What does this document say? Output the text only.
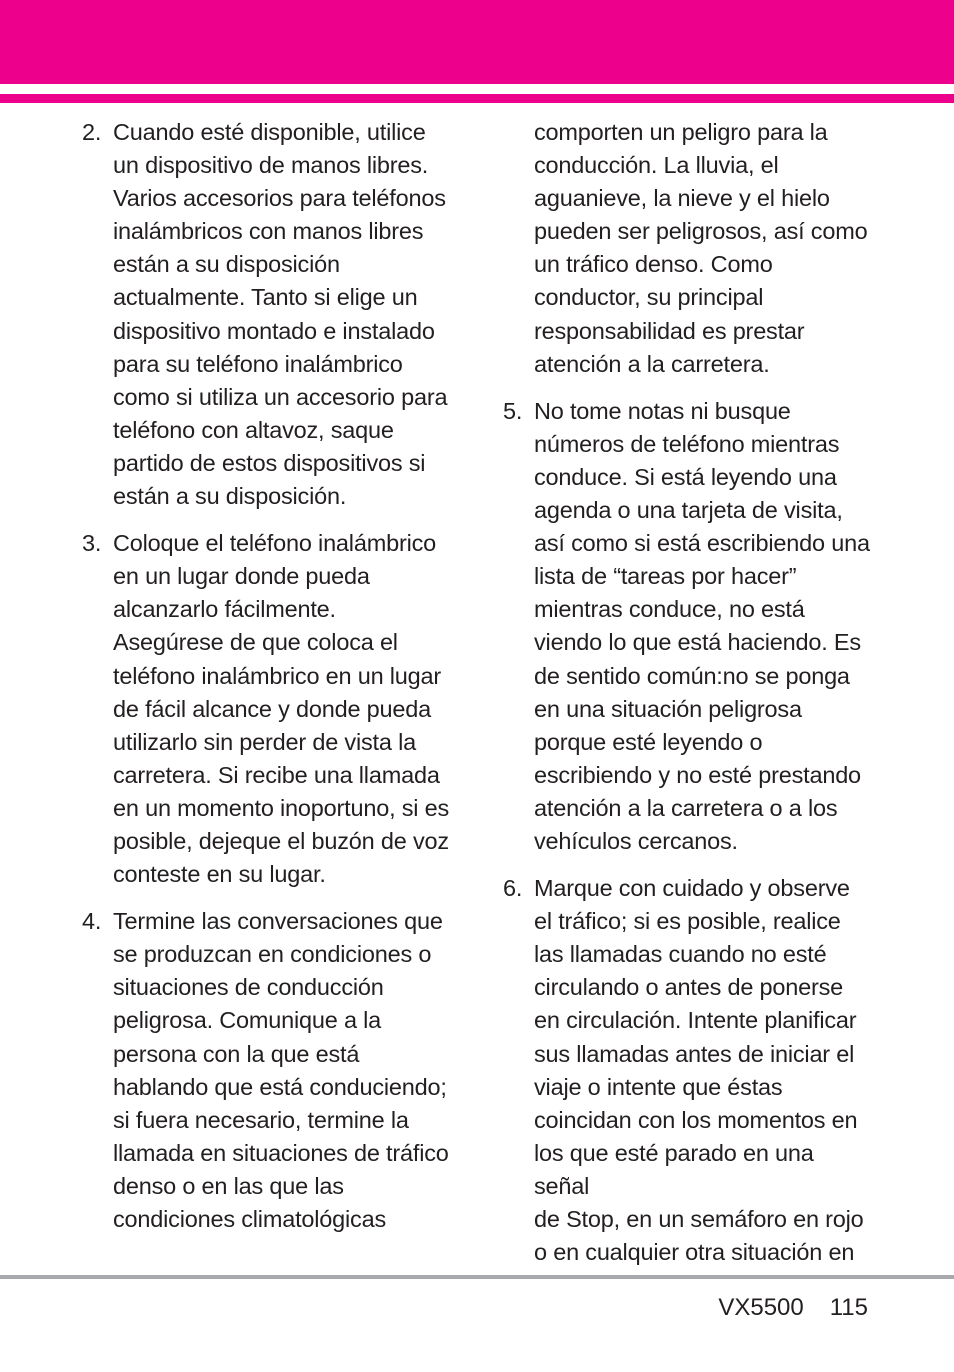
2. Cuando esté disponible, utilice
un dispositivo de manos libres.
Varios accesorios para teléfonos
inalámbricos con manos libres
están a su disposición
actualmente. Tanto si elige un
dispositivo montado e instalado
para su teléfono inalámbrico
como si utiliza un accesorio para
teléfono con altavoz, saque
partido de estos dispositivos si
están a su disposición.
3. Coloque el teléfono inalámbrico
en un lugar donde pueda
alcanzarlo fácilmente.
Asegúrese de que coloca el
teléfono inalámbrico en un lugar
de fácil alcance y donde pueda
utilizarlo sin perder de vista la
carretera. Si recibe una llamada
en un momento inoportuno, si es
posible, dejeque el buzón de voz
conteste en su lugar.
4. Termine las conversaciones que
se produzcan en condiciones o
situaciones de conducción
peligrosa. Comunique a la
persona con la que está
hablando que está conduciendo;
si fuera necesario, termine la
llamada en situaciones de tráfico
denso o en las que las
condiciones climatológicas
comporten un peligro para la
conducción. La lluvia, el
aguanieve, la nieve y el hielo
pueden ser peligrosos, así como
un tráfico denso. Como
conductor, su principal
responsabilidad es prestar
atención a la carretera.
5. No tome notas ni busque
números de teléfono mientras
conduce. Si está leyendo una
agenda o una tarjeta de visita,
así como si está escribiendo una
lista de “tareas por hacer”
mientras conduce, no está
viendo lo que está haciendo. Es
de sentido común:no se ponga
en una situación peligrosa
porque esté leyendo o
escribiendo y no esté prestando
atención a la carretera o a los
vehículos cercanos.
6. Marque con cuidado y observe
el tráfico; si es posible, realice
las llamadas cuando no esté
circulando o antes de ponerse
en circulación. Intente planificar
sus llamadas antes de iniciar el
viaje o intente que éstas
coincidan con los momentos en
los que esté parado en una señal
de Stop, en un semáforo en rojo
o en cualquier otra situación en
VX5500 115
